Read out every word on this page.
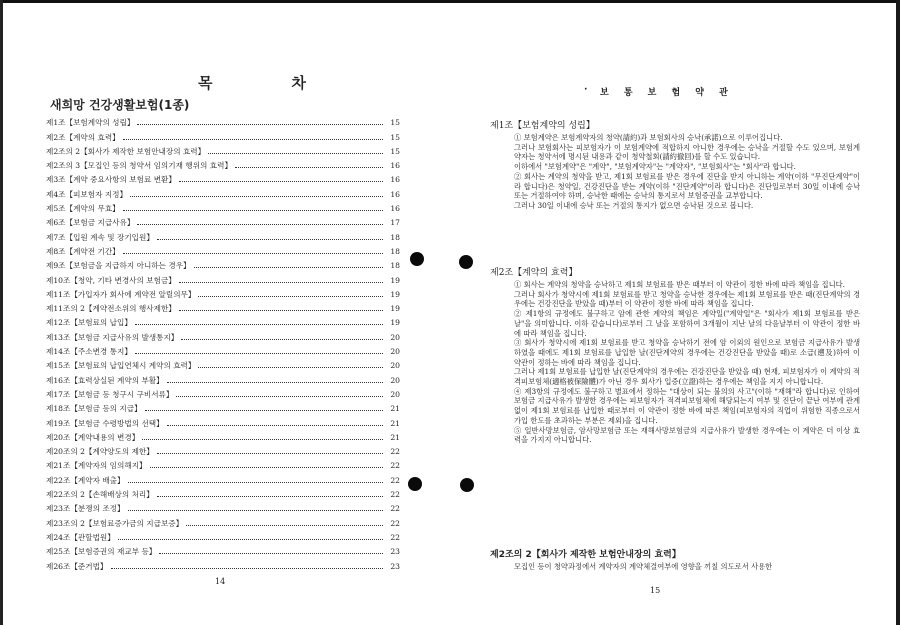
목	차
새희망 건강생활보험(1종)
제1조【보험계약의 성립】	15
제2조【계약의 효력】	15
제2조의 2【회사가 제작한 보험안내장의 효력】	15
제2조의 3【모집인 등의 청약서 임의기재 행위의 효력】	16
제3조【계약 중요사항의 보험료 변환】	16
제4조【피보험자 지정】	16
제5조【계약의 무효】	16
제6조【보험금 지급사유】	17
제7조【입원 계속 및 장기입원】	18
제8조【계약전 기간】	18
제9조【보험금을 지급하지 아니하는 경우】	18
제10조【청약, 기타 변경사의 보험금】	19
제11조【가입자가 회사에 계약전 알릴의무】	19
제11조의 2【계약전소위의 행사제한】	19
제12조【보험료의 납입】	19
제13조【보험금 지급사유의 발생통지】	20
제14조【주소변경 통지】	20
제15조【보험료의 납입연체시 계약의 효력】	20
제16조【효력상실된 계약의 부활】	20
제17조【보험금 등 청구시 구비서류】	20
제18조【보험금 등의 지급】	21
제19조【보험금 수령방법의 선택】	21
제20조【계약내용의 변경】	21
제20조의 2【계약양도의 제한】	22
제21조【계약자의 임의해지】	22
제22조【계약자 배출】	22
제22조의 2【손해배상의 처리】	22
제23조【분쟁의 조정】	22
제23조의 2【보험료증가금의 지급보증】	22
제24조【관할법원】	22
제25조【보험증권의 재교부 등】	23
제26조【준거법】	23
14
· 보 통 보 험 약 관
제1조【보험계약의 성립】

① 보험계약은 보험계약자의 청약(請約)과 보험회사의 승낙(承諾)으로 이루어집니다.

그러나 보험회사는 피보험자가 이 보험계약에 적합하지 아니한 경우에는 승낙을 거절할 수도 있으며, 보험계약자는 청약서에 명시된 내용과 같이 청약철회(請約撤回)를 할 수도 있습니다.

이하에서 "보험계약"은 "계약", "보험계약자"는 "계약자", "보험회사"는 "회사"라 합니다.

② 회사는 계약의 청약을 받고, 제1회 보험료를 받은 경우에 진단을 받지 아니하는 계약(이하 "무진단계약"이라 합니다)은 청약일, 건강진단을 받는 계약(이하 "진단계약"이라 합니다)은 진단일로부터 30일 이내에 승낙 또는 거절하여야 하며, 승낙한 때에는 승낙의 통지로서 보험증권을 교부합니다.

그러나 30일 이내에 승낙 또는 거절의 통지가 없으면 승낙된 것으로 봅니다.

제2조【계약의 효력】

① 회사는 계약의 청약을 승낙하고 제1회 보험료를 받은 때부터 이 약관이 정한 바에 따라 책임을 집니다.

그러나 회사가 청약시에 제1회 보험료를 받고 청약을 승낙한 경우에는 제1회 보험료를 받은 때(진단계약의 경우에는 건강진단을 받았을 때)부터 이 약관이 정한 바에 따라 책임을 집니다.

② 제1항의 규정에도 불구하고 암에 관한 계약의 책임은 계약일("계약일"은 "회사가 제1회 보험료를 받은 날"을 의미합니다. 이하 같습니다)로부터 그 날을 포함하여 3개월이 지난 날의 다음날부터 이 약관이 정한 바에 따라 책임을 집니다.

③ 회사가 청약시에 제1회 보험료를 받고 청약을 승낙하기 전에 암 이외의 원인으로 보험금 지급사유가 발생하였을 때에도 제1회 보험료를 납입한 날(진단계약의 경우에는 건강진단을 받았을 때)로 소급(遡及)하여 이 약관이 정하는 바에 따라 책임을 집니다.

그러나 제1회 보험료를 납입한 날(진단계약의 경우에는 건강진단을 받았을 때) 현재, 피보험자가 이 계약의 적격피보험체(適格被保險體)가 아닌 경우 회사가 입증(立證)하는 경우에는 책임을 지지 아니합니다.

④ 제3항의 규정에도 불구하고 별표에서 정하는 "대상이 되는 불의의 사고"(이하 "재해"라 합니다)로 인하여 보험금 지급사유가 발생한 경우에는 피보험자가 적격피보험체에 해당되는지 여부 및 진단이 끝난 여부에 관계없이 제1회 보험료를 납입한 때로부터 이 약관이 정한 바에 따른 책임(피보험자의 직업이 위험한 직종으로서 가입 한도를 초과하는 부분은 제외)을 집니다.

⑤ 일반사망보험금, 암사망보험금 또는 재해사망보험금의 지급사유가 발생한 경우에는 이 계약은 더 이상 효력을 가지지 아니합니다.

제2조의 2【회사가 제작한 보험안내장의 효력】

모집인 등이 청약과정에서 계약자의 계약체결여부에 영향을 끼칠 의도로서 사용한

15
